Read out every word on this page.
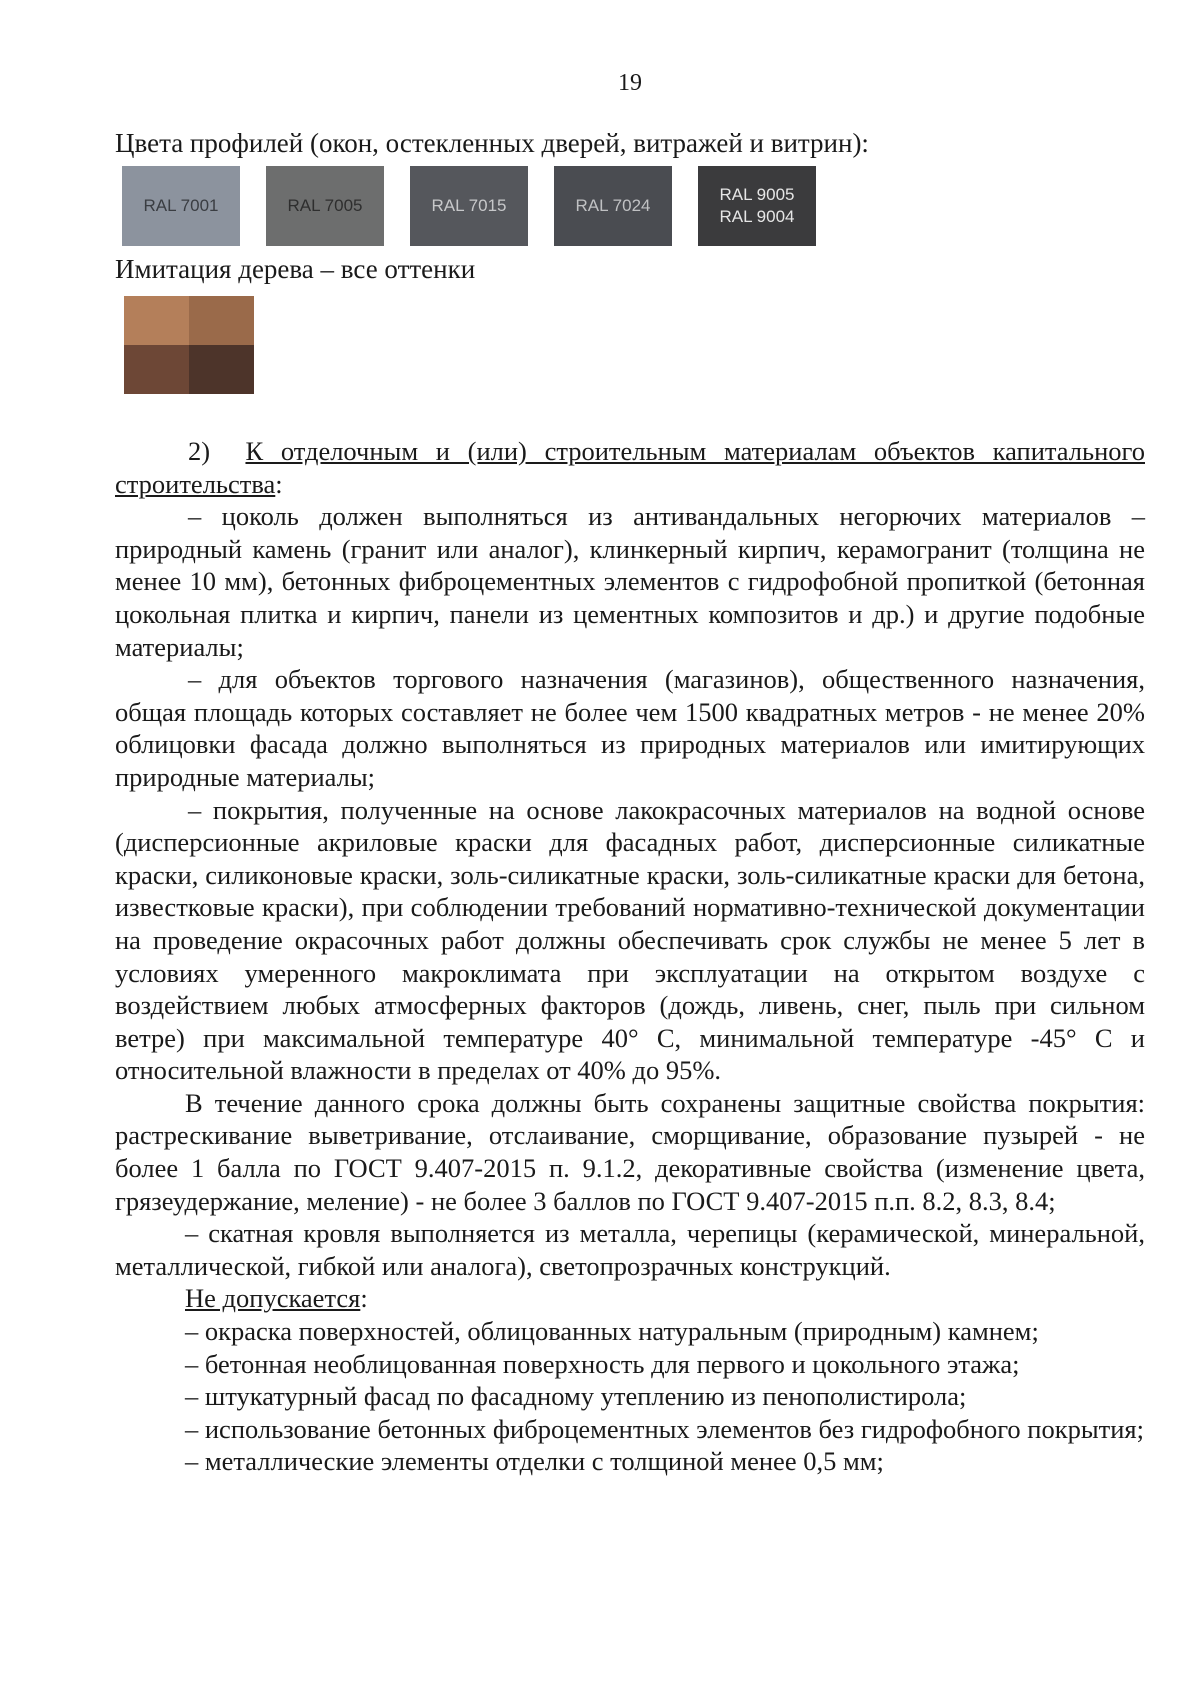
19
Цвета профилей (окон, остекленных дверей, витражей и витрин):
RAL 7001	RAL 7005	RAL 7015	RAL 7024
RAL 9005
RAL 9004
Имитация дерева – все оттенки

2) К отделочным и (или) строительным материалам объектов капитального строительства:

– цоколь должен выполняться из антивандальных негорючих материалов – природный камень (гранит или аналог), клинкерный кирпич, керамогранит (толщина не менее 10 мм), бетонных фиброцементных элементов с гидрофобной пропиткой (бетонная цокольная плитка и кирпич, панели из цементных композитов и др.) и другие подобные материалы;

– для объектов торгового назначения (магазинов), общественного назначения, общая площадь которых составляет не более чем 1500 квадратных метров - не менее 20% облицовки фасада должно выполняться из природных материалов или имитирующих природные материалы;

– покрытия, полученные на основе лакокрасочных материалов на водной основе (дисперсионные акриловые краски для фасадных работ, дисперсионные силикатные краски, силиконовые краски, золь-силикатные краски, золь-силикатные краски для бетона, известковые краски), при соблюдении требований нормативно-технической документации на проведение окрасочных работ должны обеспечивать срок службы не менее 5 лет в условиях умеренного макроклимата при эксплуатации на открытом воздухе с воздействием любых атмосферных факторов (дождь, ливень, снег, пыль при сильном ветре) при максимальной температуре 40° С, минимальной температуре -45° С и относительной влажности в пределах от 40% до 95%.

В течение данного срока должны быть сохранены защитные свойства покрытия: растрескивание выветривание, отслаивание, сморщивание, образование пузырей - не более 1 балла по ГОСТ 9.407-2015 п. 9.1.2, декоративные свойства (изменение цвета, грязеудержание, меление) - не более 3 баллов по ГОСТ 9.407-2015 п.п. 8.2, 8.3, 8.4;

– скатная кровля выполняется из металла, черепицы (керамической, минеральной, металлической, гибкой или аналога), светопрозрачных конструкций.

Не допускается:

– окраска поверхностей, облицованных натуральным (природным) камнем;

– бетонная необлицованная поверхность для первого и цокольного этажа;

– штукатурный фасад по фасадному утеплению из пенополистирола;

– использование бетонных фиброцементных элементов без гидрофобного покрытия;

– металлические элементы отделки с толщиной менее 0,5 мм;
